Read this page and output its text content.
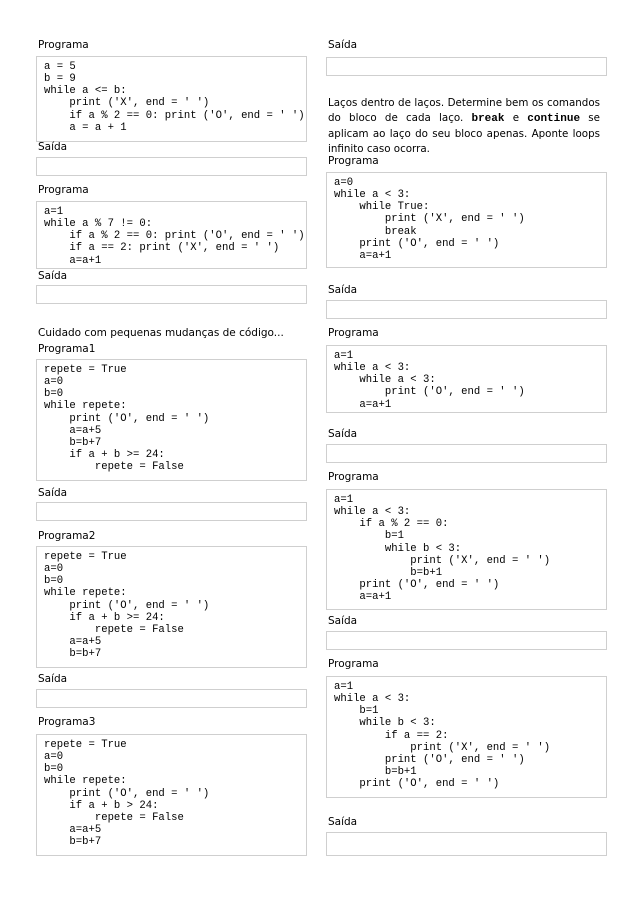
Programa
a = 5
b = 9
while a <= b:
print ('X', end = ' ')
if a % 2 == 0: print ('O', end = ' ')
a = a + 1
Saída
Programa
a=1
while a % 7 != 0:
if a % 2 == 0: print ('O', end = ' ')
if a == 2: print ('X', end = ' ')
a=a+1
Saída
Cuidado com pequenas mudanças de código...
Programa1
repete = True
a=0
b=0
while repete:
print ('O', end = ' ')
a=a+5
b=b+7
if a + b >= 24:
repete = False
Saída
Programa2
repete = True
a=0
b=0
while repete:
print ('O', end = ' ')
if a + b >= 24:
repete = False
a=a+5
b=b+7
Saída
Programa3
repete = True
a=0
b=0
while repete:
print ('O', end = ' ')
if a + b > 24:
repete = False
a=a+5
b=b+7
Saída
Laços dentro de laços. Determine bem os comandos do bloco de cada laço. break e continue se aplicam ao laço do seu bloco apenas. Aponte loops infinito caso ocorra.
Programa
a=0
while a < 3:
while True:
print ('X', end = ' ')
break
print ('O', end = ' ')
a=a+1
Saída
Programa
a=1
while a < 3:
while a < 3:
print ('O', end = ' ')
a=a+1
Saída
Programa
a=1
while a < 3:
if a % 2 == 0:
b=1
while b < 3:
print ('X', end = ' ')
b=b+1
print ('O', end = ' ')
a=a+1
Saída
Programa
a=1
while a < 3:
b=1
while b < 3:
if a == 2:
print ('X', end = ' ')
print ('O', end = ' ')
b=b+1
print ('O', end = ' ')
Saída
